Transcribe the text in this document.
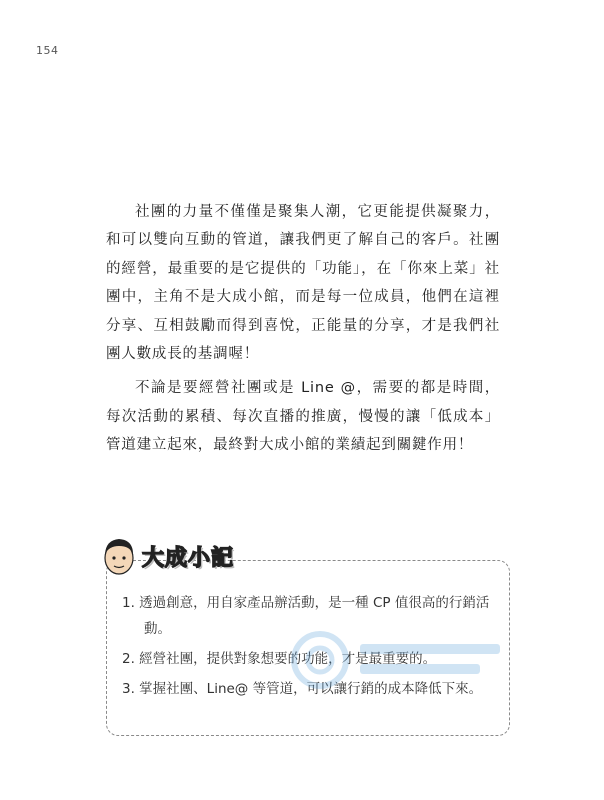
154

社團的力量不僅僅是聚集人潮，它更能提供凝聚力，和可以雙向互動的管道，讓我們更了解自己的客戶。社團的經營，最重要的是它提供的「功能」，在「你來上菜」社團中，主角不是大成小館，而是每一位成員，他們在這裡分享、互相鼓勵而得到喜悅，正能量的分享，才是我們社團人數成長的基調喔！

不論是要經營社團或是 Line @，需要的都是時間，每次活動的累積、每次直播的推廣，慢慢的讓「低成本」管道建立起來，最終對大成小館的業績起到關鍵作用！

大成小記
1. 透過創意，用自家產品辦活動，是一種 CP 值很高的行銷活動。
2. 經營社團，提供對象想要的功能，才是最重要的。
3. 掌握社團、Line@ 等管道，可以讓行銷的成本降低下來。
